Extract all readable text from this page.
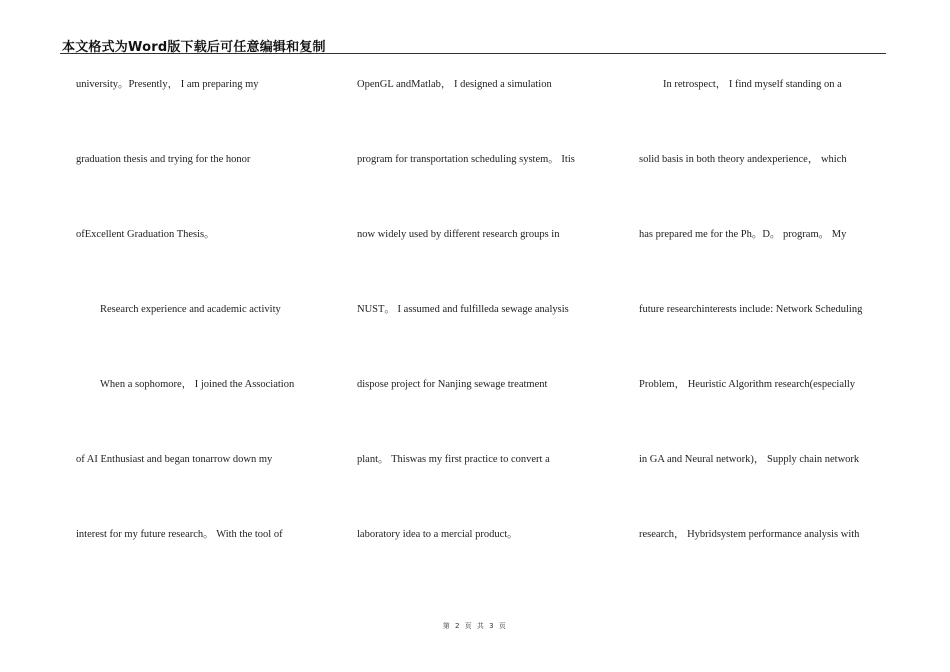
本文格式为Word版下载后可任意编辑和复制
university。Presently， I am preparing my
graduation thesis and trying for the honor
ofExcellent Graduation Thesis。
Research experience and academic activity
When a sophomore， I joined the Association
of AI Enthusiast and began tonarrow down my
interest for my future research。 With the tool of
OpenGL andMatlab， I designed a simulation
program for transportation scheduling system。 Itis
now widely used by different research groups in
NUST。 I assumed and fulfilleda sewage analysis
dispose project for Nanjing sewage treatment
plant。 Thiswas my first practice to convert a
laboratory idea to a mercial product。
In retrospect， I find myself standing on a
solid basis in both theory andexperience， which
has prepared me for the Ph。D。 program。 My
future researchinterests include: Network Scheduling
Problem， Heuristic Algorithm research(especially
in GA and Neural network)， Supply chain network
research， Hybridsystem performance analysis with
第 2 页 共 3 页
